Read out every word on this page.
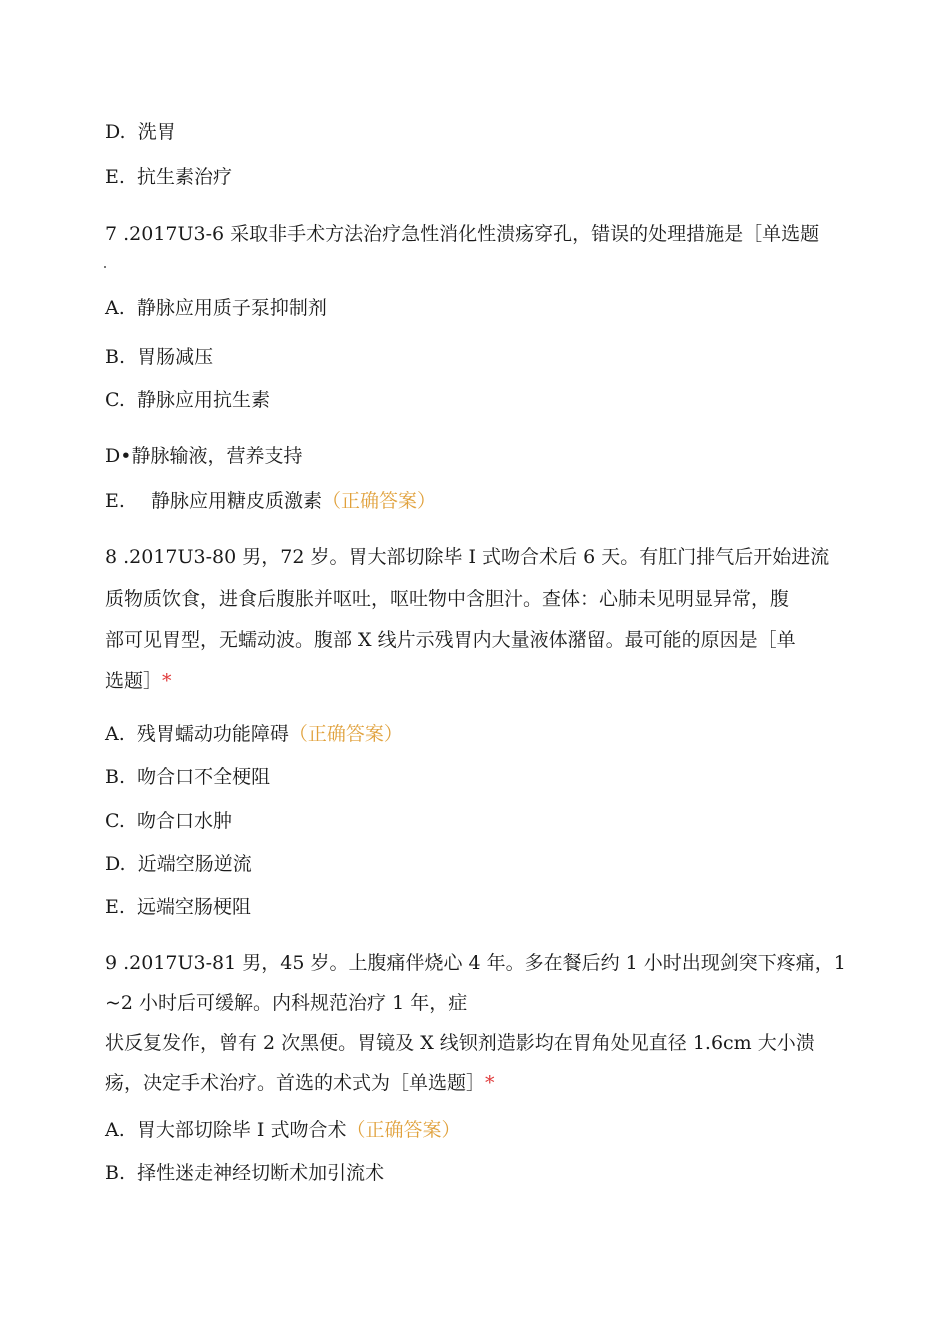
D. 洗胃
E. 抗生素治疗
7 .2017U3-6 采取非手术方法治疗急性消化性溃疡穿孔，错误的处理措施是［单选题
A. 静脉应用质子泵抑制剂
B. 胃肠减压
C. 静脉应用抗生素
D•静脉输液，营养支持
E. 静脉应用糖皮质激素（正确答案）
8 .2017U3-80 男，72 岁。胃大部切除毕 I 式吻合术后 6 天。有肛门排气后开始进流
质物质饮食，进食后腹胀并呕吐，呕吐物中含胆汁。查体：心肺未见明显异常，腹
部可见胃型，无蠕动波。腹部 X 线片示残胃内大量液体潴留。最可能的原因是［单
选题］*
A. 残胃蠕动功能障碍（正确答案）
B. 吻合口不全梗阻
C. 吻合口水肿
D. 近端空肠逆流
E. 远端空肠梗阻
9 .2017U3-81 男，45 岁。上腹痛伴烧心 4 年。多在餐后约 1 小时出现剑突下疼痛，1
~2 小时后可缓解。内科规范治疗 1 年，症
状反复发作，曾有 2 次黑便。胃镜及 X 线钡剂造影均在胃角处见直径 1.6cm 大小溃
疡，决定手术治疗。首选的术式为［单选题］*
A. 胃大部切除毕 I 式吻合术（正确答案）
B. 择性迷走神经切断术加引流术
